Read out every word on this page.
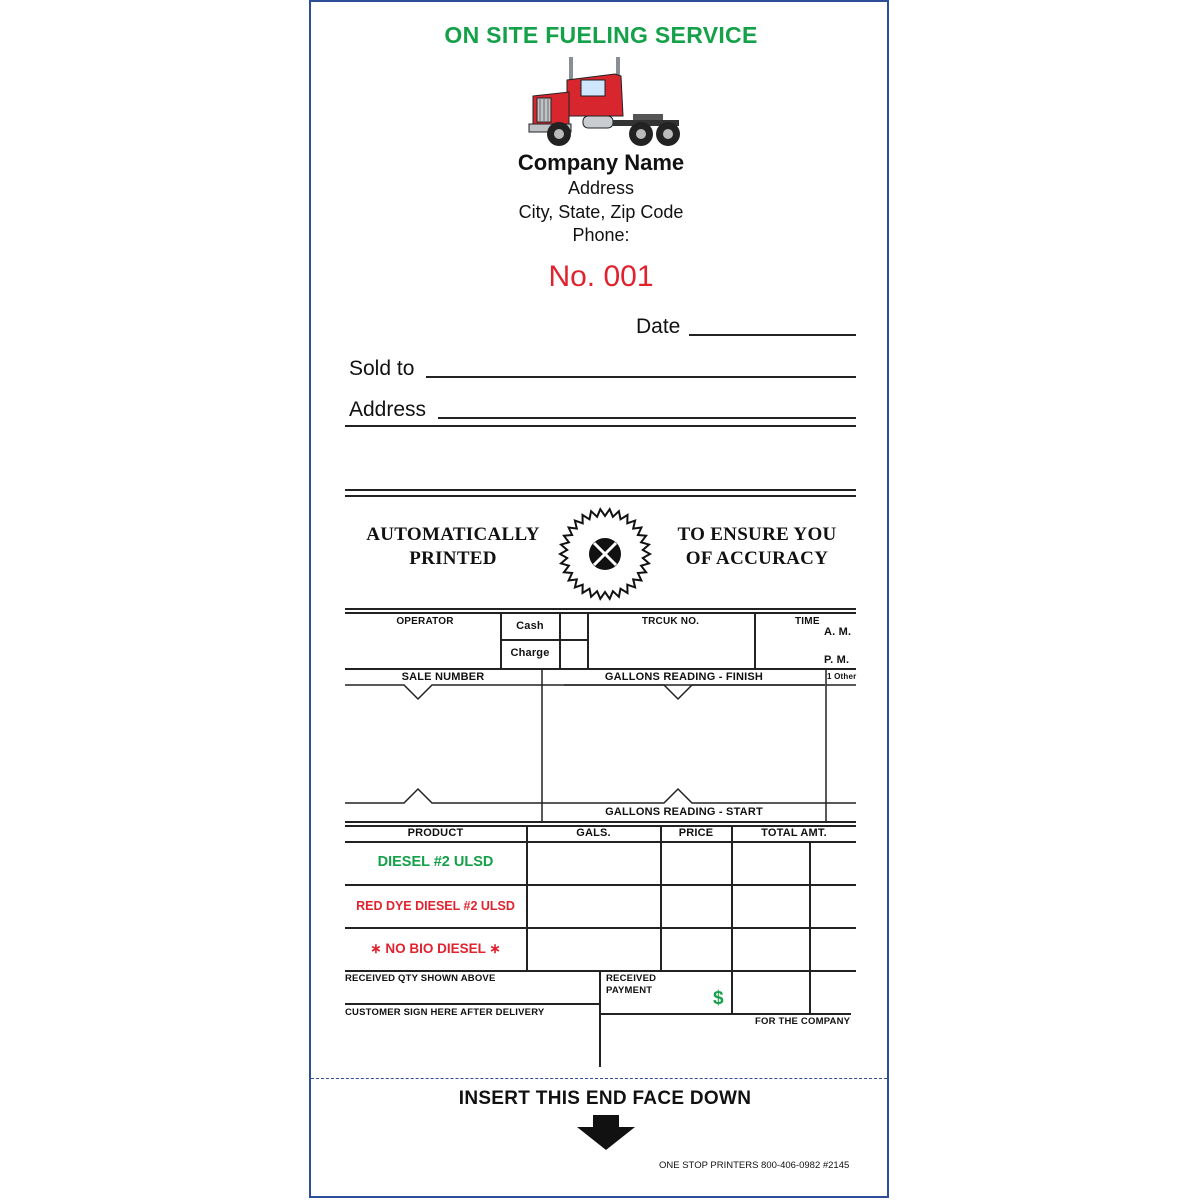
ON SITE FUELING SERVICE
Company Name
Address
City, State, Zip Code
Phone:
No. 001
Date
Sold to
Address
AUTOMATICALLY
PRINTED
TO ENSURE YOU
OF ACCURACY
OPERATOR	Cash
Charge
TRCUK NO.	TIME
A. M.
P. M.
SALE NUMBER	GALLONS READING - FINISH	1 Other
GALLONS READING - START
PRODUCT	GALS.	PRICE	TOTAL AMT.
DIESEL #2 ULSD
RED DYE DIESEL #2 ULSD
∗ NO BIO DIESEL ∗
RECEIVED QTY SHOWN ABOVE
CUSTOMER SIGN HERE AFTER DELIVERY
RECEIVED
PAYMENT	$
FOR THE COMPANY
INSERT THIS END FACE DOWN
ONE STOP PRINTERS 800-406-0982 #2145
